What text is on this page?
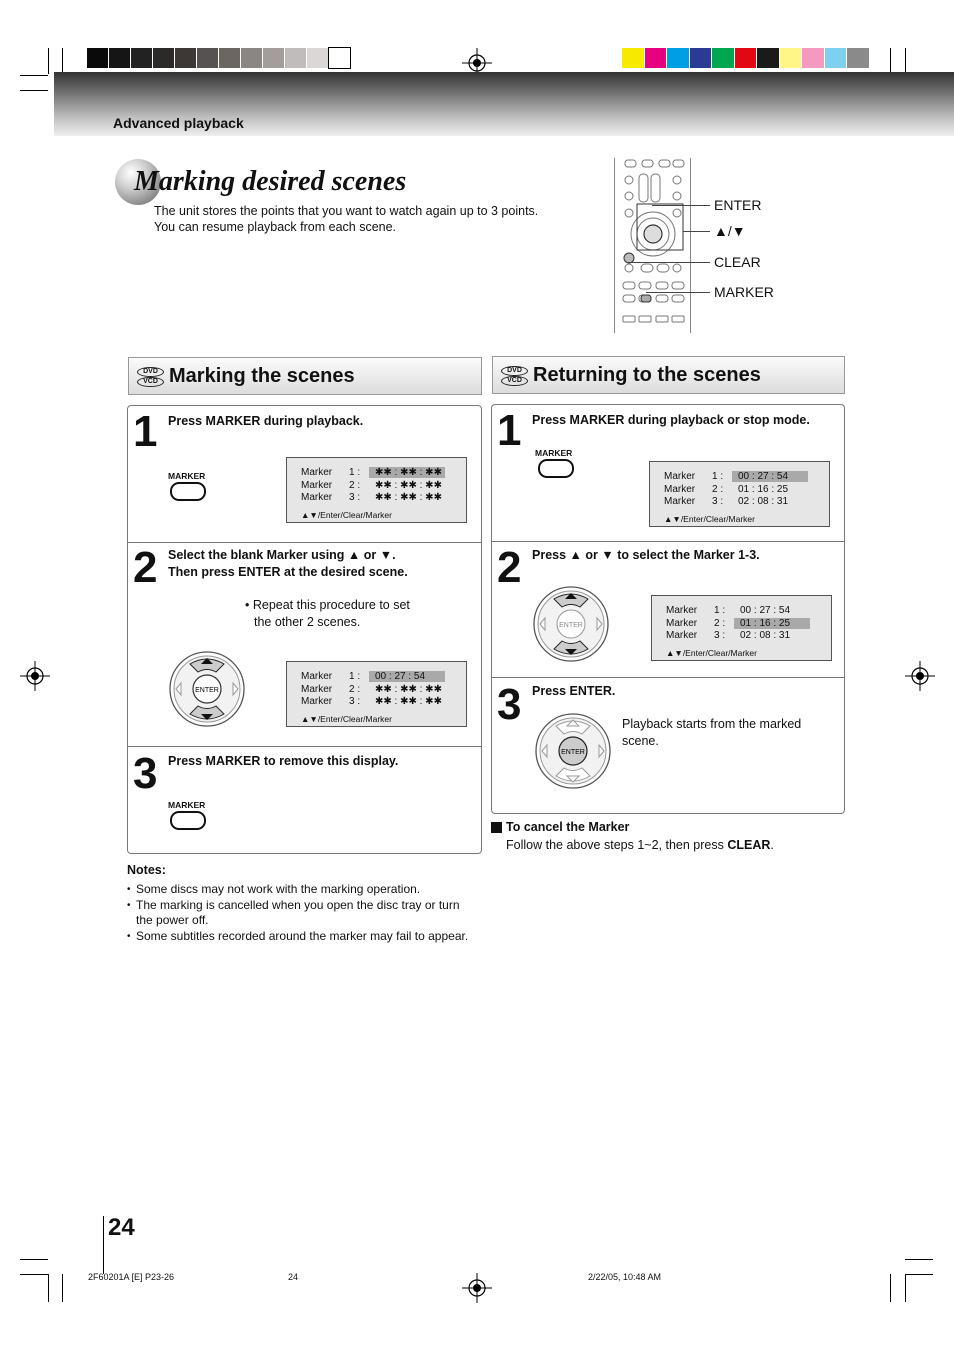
Advanced playback
Marking desired scenes
The unit stores the points that you want to watch again up to 3 points.
You can resume playback from each scene.
ENTER
▲/▼
CLEAR
MARKER
DVD
VCD Marking the scenes
1 Press MARKER during playback.
MARKER	Marker 1 : ✱✱ : ✱✱ : ✱✱
Marker 2 : ✱✱ : ✱✱ : ✱✱
Marker 3 : ✱✱ : ✱✱ : ✱✱
▲▼/Enter/Clear/Marker
2 Select the blank Marker using ▲ or ▼.
Then press ENTER at the desired scene.
• Repeat this procedure to set
the other 2 scenes.
ENTER
Marker 1 : 00 : 27 : 54
Marker 2 : ✱✱ : ✱✱ : ✱✱
Marker 3 : ✱✱ : ✱✱ : ✱✱
▲▼/Enter/Clear/Marker
3 Press MARKER to remove this display.
MARKER
DVD
VCD Returning to the scenes
1 Press MARKER during playback or stop mode.
MARKER
Marker 1 : 00 : 27 : 54
Marker 2 : 01 : 16 : 25
Marker 3 : 02 : 08 : 31
▲▼/Enter/Clear/Marker
2 Press ▲ or ▼ to select the Marker 1-3.
ENTER
Marker 1 : 00 : 27 : 54
Marker 2 : 01 : 16 : 25
Marker 3 : 02 : 08 : 31
▲▼/Enter/Clear/Marker
3 Press ENTER.
ENTER
Playback starts from the marked
scene.
To cancel the Marker
Follow the above steps 1~2, then press CLEAR.
Notes:
• Some discs may not work with the marking operation.
• The marking is cancelled when you open the disc tray or turn the power off.
• Some subtitles recorded around the marker may fail to appear.
24
2F60201A [E] P23-26	24	2/22/05, 10:48 AM
